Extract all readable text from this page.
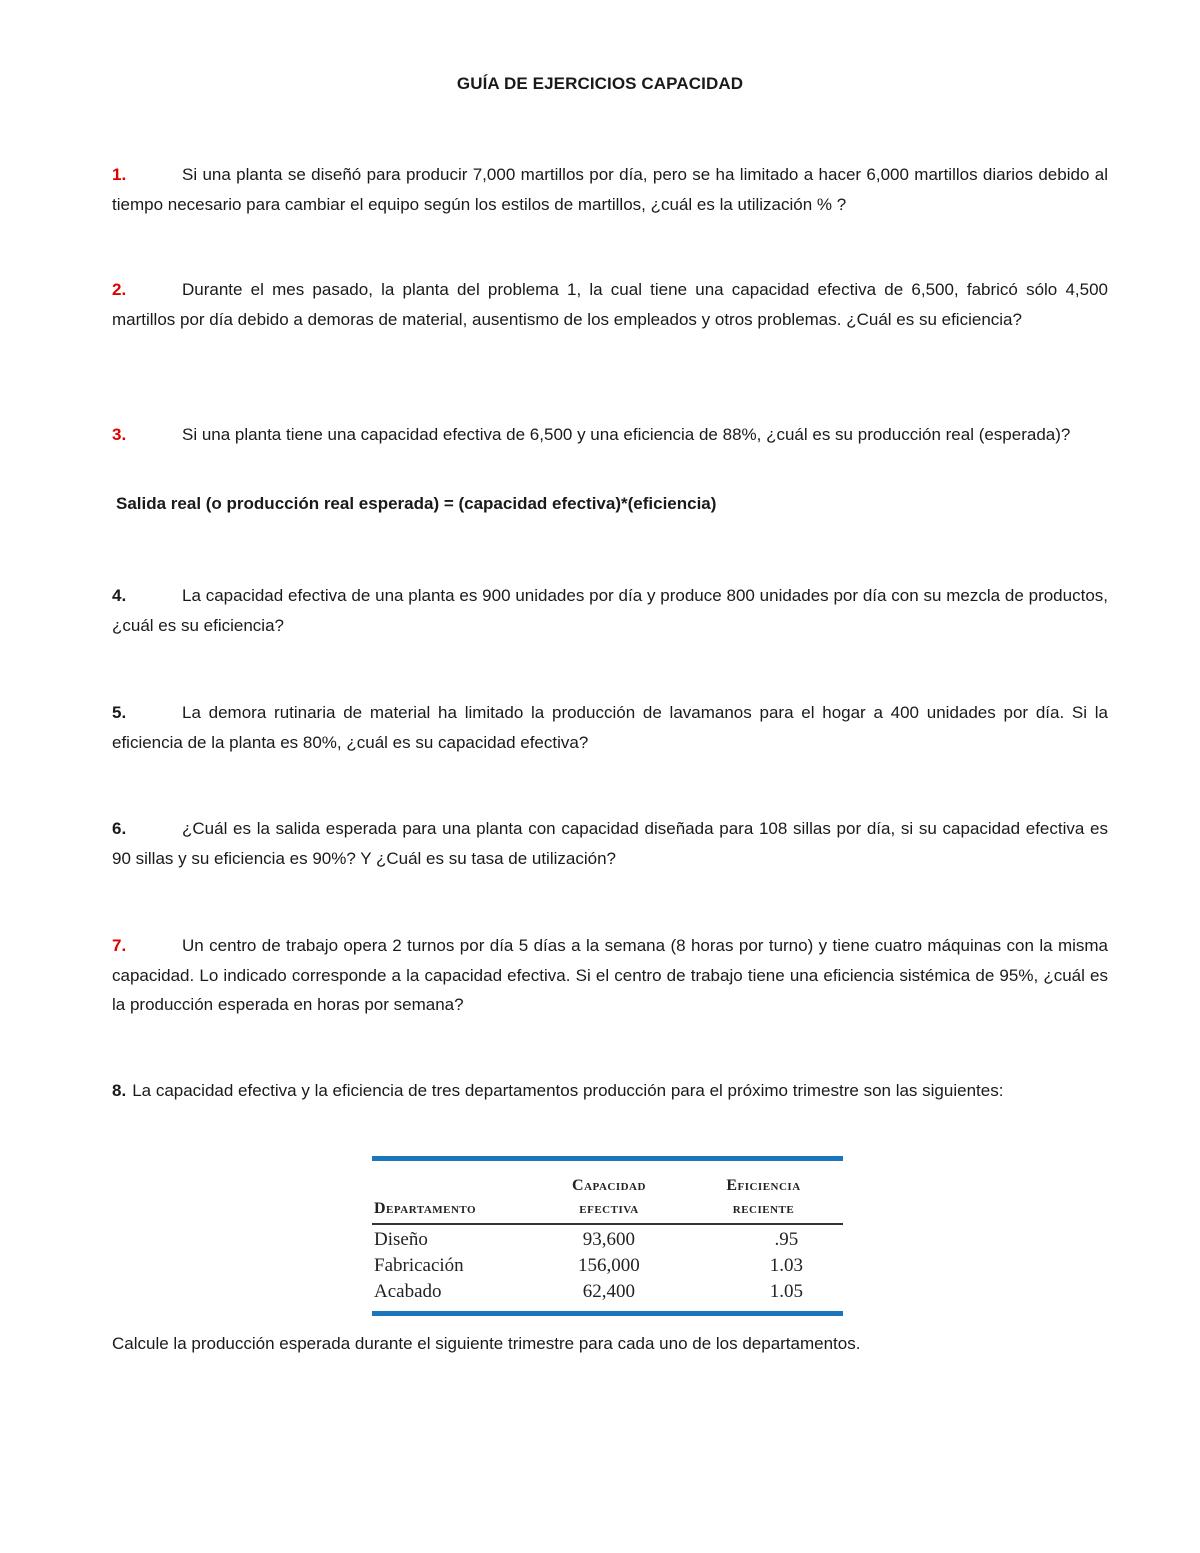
GUÍA DE EJERCICIOS CAPACIDAD
1.	Si una planta se diseñó para producir 7,000 martillos por día, pero se ha limitado a hacer 6,000 martillos diarios debido al tiempo necesario para cambiar el equipo según los estilos de martillos, ¿cuál es la utilización % ?
2.	Durante el mes pasado, la planta del problema 1, la cual tiene una capacidad efectiva de 6,500, fabricó sólo 4,500 martillos por día debido a demoras de material, ausentismo de los empleados y otros problemas. ¿Cuál es su eficiencia?
3.	Si una planta tiene una capacidad efectiva de 6,500 y una eficiencia de 88%, ¿cuál es su producción real (esperada)?
Salida real (o producción real esperada) = (capacidad efectiva)*(eficiencia)
4.	La capacidad efectiva de una planta es 900 unidades por día y produce 800 unidades por día con su mezcla de productos, ¿cuál es su eficiencia?
5.	La demora rutinaria de material ha limitado la producción de lavamanos para el hogar a 400 unidades por día. Si la eficiencia de la planta es 80%, ¿cuál es su capacidad efectiva?
6.	¿Cuál es la salida esperada para una planta con capacidad diseñada para 108 sillas por día, si su capacidad efectiva es 90 sillas y su eficiencia es 90%? Y ¿Cuál es su tasa de utilización?
7.	Un centro de trabajo opera 2 turnos por día 5 días a la semana (8 horas por turno) y tiene cuatro máquinas con la misma capacidad. Lo indicado corresponde a la capacidad efectiva. Si el centro de trabajo tiene una eficiencia sistémica de 95%, ¿cuál es la producción esperada en horas por semana?
8. La capacidad efectiva y la eficiencia de tres departamentos producción para el próximo trimestre son las siguientes:
	Capacidad	Eficiencia
Departamento	efectiva	reciente
Diseño	93,600	.95
Fabricación	156,000	1.03
Acabado	62,400	1.05
Calcule la producción esperada durante el siguiente trimestre para cada uno de los departamentos.
